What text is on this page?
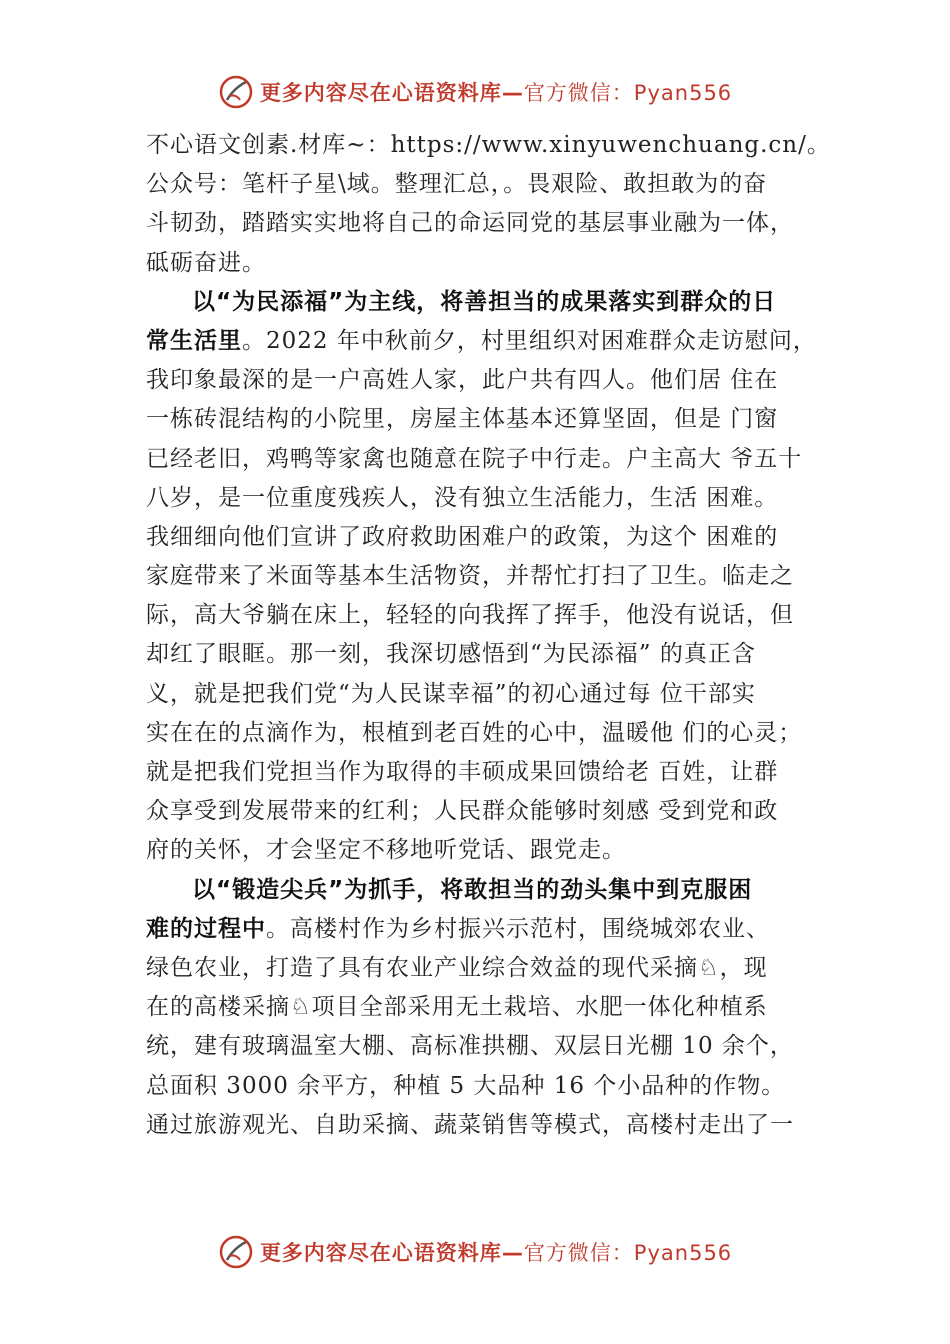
更多内容尽在心语资料库—官方微信：Pyan556
不心语文创素.材库~：https://www.xinyuwenchuang.cn/。
公众号：笔杆子星\域。整理汇总，。畏艰险、敢担敢为的奋
斗韧劲，踏踏实实地将自己的命运同党的基层事业融为一体，
砥砺奋进。
以“为民添福”为主线，将善担当的成果落实到群众的日
常生活里。2022 年中秋前夕，村里组织对困难群众走访慰问，
我印象最深的是一户高姓人家，此户共有四人。他们居 住在
一栋砖混结构的小院里，房屋主体基本还算坚固，但是 门窗
已经老旧，鸡鸭等家禽也随意在院子中行走。户主高大 爷五十
八岁，是一位重度残疾人，没有独立生活能力，生活 困难。
我细细向他们宣讲了政府救助困难户的政策，为这个 困难的
家庭带来了米面等基本生活物资，并帮忙打扫了卫生。临走之
际，高大爷躺在床上，轻轻的向我挥了挥手，他没有说话，但
却红了眼眶。那一刻，我深切感悟到“为民添福” 的真正含
义，就是把我们党“为人民谋幸福”的初心通过每 位干部实
实在在的点滴作为，根植到老百姓的心中，温暖他 们的心灵；
就是把我们党担当作为取得的丰硕成果回馈给老 百姓，让群
众享受到发展带来的红利；人民群众能够时刻感 受到党和政
府的关怀，才会坚定不移地听党话、跟党走。
以“锻造尖兵”为抓手，将敢担当的劲头集中到克服困
难的过程中。高楼村作为乡村振兴示范村，围绕城郊农业、
绿色农业，打造了具有农业产业综合效益的现代采摘♘，现
在的高楼采摘♘项目全部采用无土栽培、水肥一体化种植系
统，建有玻璃温室大棚、高标准拱棚、双层日光棚 10 余个，
总面积 3000 余平方，种植 5 大品种 16 个小品种的作物。
通过旅游观光、自助采摘、蔬菜销售等模式，高楼村走出了一
更多内容尽在心语资料库—官方微信：Pyan556
